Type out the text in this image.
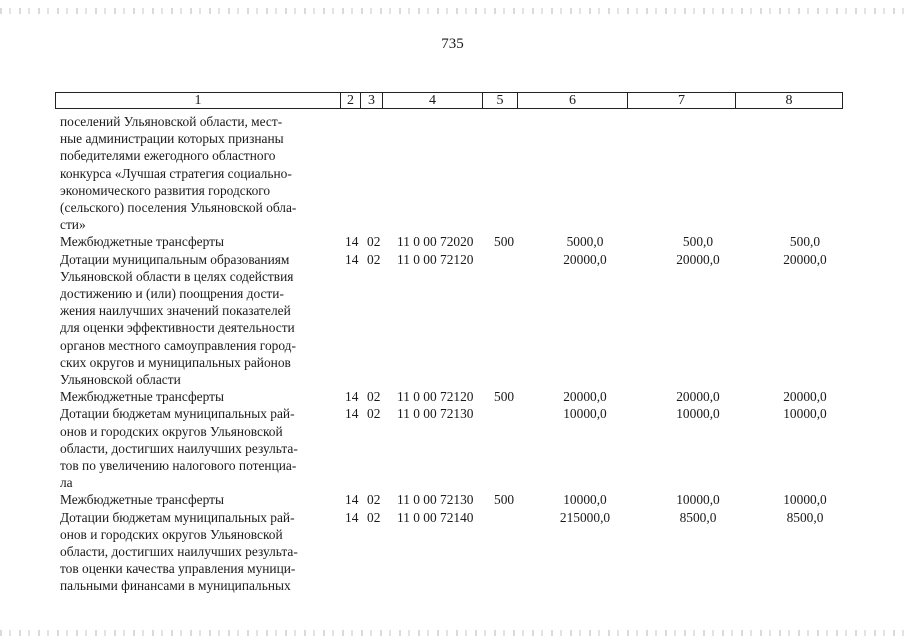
735
1	2	3	4	5	6	7	8
поселений Ульяновской области, мест-
ные администрации которых признаны
победителями ежегодного областного
конкурса «Лучшая стратегия социально-
экономического развития городского
(сельского) поселения Ульяновской обла-
сти»
Межбюджетные трансферты	14 02 11 0 00 72020 500	5000,0	500,0	500,0
Дотации муниципальным образованиям
Ульяновской области в целях содействия
достижению и (или) поощрения дости-
жения наилучших значений показателей
для оценки эффективности деятельности
органов местного самоуправления город-
ских округов и муниципальных районов
Ульяновской области
14 02 11 0 00 72120	20000,0	20000,0	20000,0
Межбюджетные трансферты	14 02 11 0 00 72120 500	20000,0	20000,0	20000,0
Дотации бюджетам муниципальных рай-
онов и городских округов Ульяновской
области, достигших наилучших результа-
тов по увеличению налогового потенциа-
ла
14 02 11 0 00 72130	10000,0	10000,0	10000,0
Межбюджетные трансферты	14 02 11 0 00 72130 500	10000,0	10000,0	10000,0
Дотации бюджетам муниципальных рай-
онов и городских округов Ульяновской
области, достигших наилучших результа-
тов оценки качества управления муници-
пальными финансами в муниципальных
14 02 11 0 00 72140	215000,0	8500,0	8500,0
